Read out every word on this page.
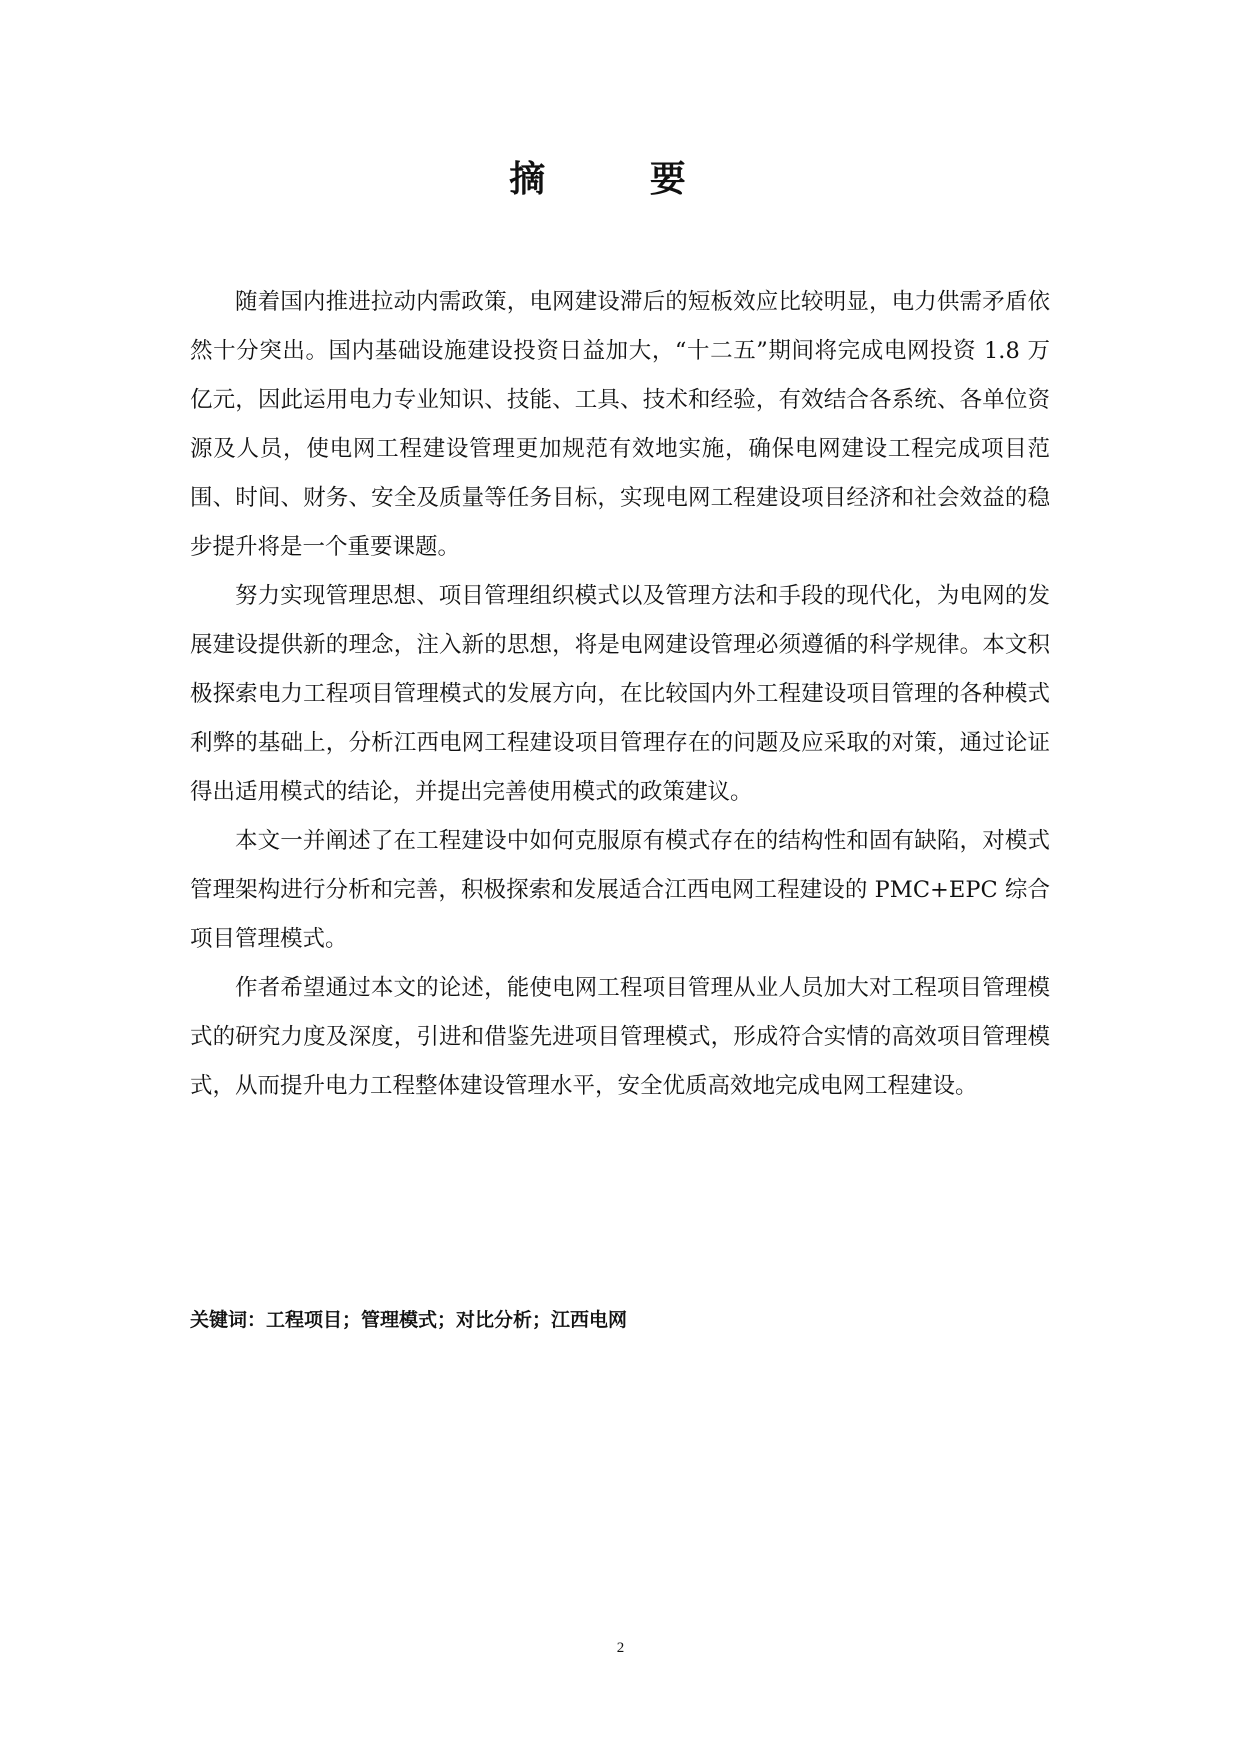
摘 要

随着国内推进拉动内需政策，电网建设滞后的短板效应比较明显，电力供需矛盾依然十分突出。国内基础设施建设投资日益加大，“十二五”期间将完成电网投资 1.8 万亿元，因此运用电力专业知识、技能、工具、技术和经验，有效结合各系统、各单位资源及人员，使电网工程建设管理更加规范有效地实施，确保电网建设工程完成项目范围、时间、财务、安全及质量等任务目标，实现电网工程建设项目经济和社会效益的稳步提升将是一个重要课题。

努力实现管理思想、项目管理组织模式以及管理方法和手段的现代化，为电网的发展建设提供新的理念，注入新的思想，将是电网建设管理必须遵循的科学规律。本文积极探索电力工程项目管理模式的发展方向，在比较国内外工程建设项目管理的各种模式利弊的基础上，分析江西电网工程建设项目管理存在的问题及应采取的对策，通过论证得出适用模式的结论，并提出完善使用模式的政策建议。

本文一并阐述了在工程建设中如何克服原有模式存在的结构性和固有缺陷，对模式管理架构进行分析和完善，积极探索和发展适合江西电网工程建设的 PMC+EPC 综合项目管理模式。

作者希望通过本文的论述，能使电网工程项目管理从业人员加大对工程项目管理模式的研究力度及深度，引进和借鉴先进项目管理模式，形成符合实情的高效项目管理模式，从而提升电力工程整体建设管理水平，安全优质高效地完成电网工程建设。

关键词：工程项目；管理模式；对比分析；江西电网
2
